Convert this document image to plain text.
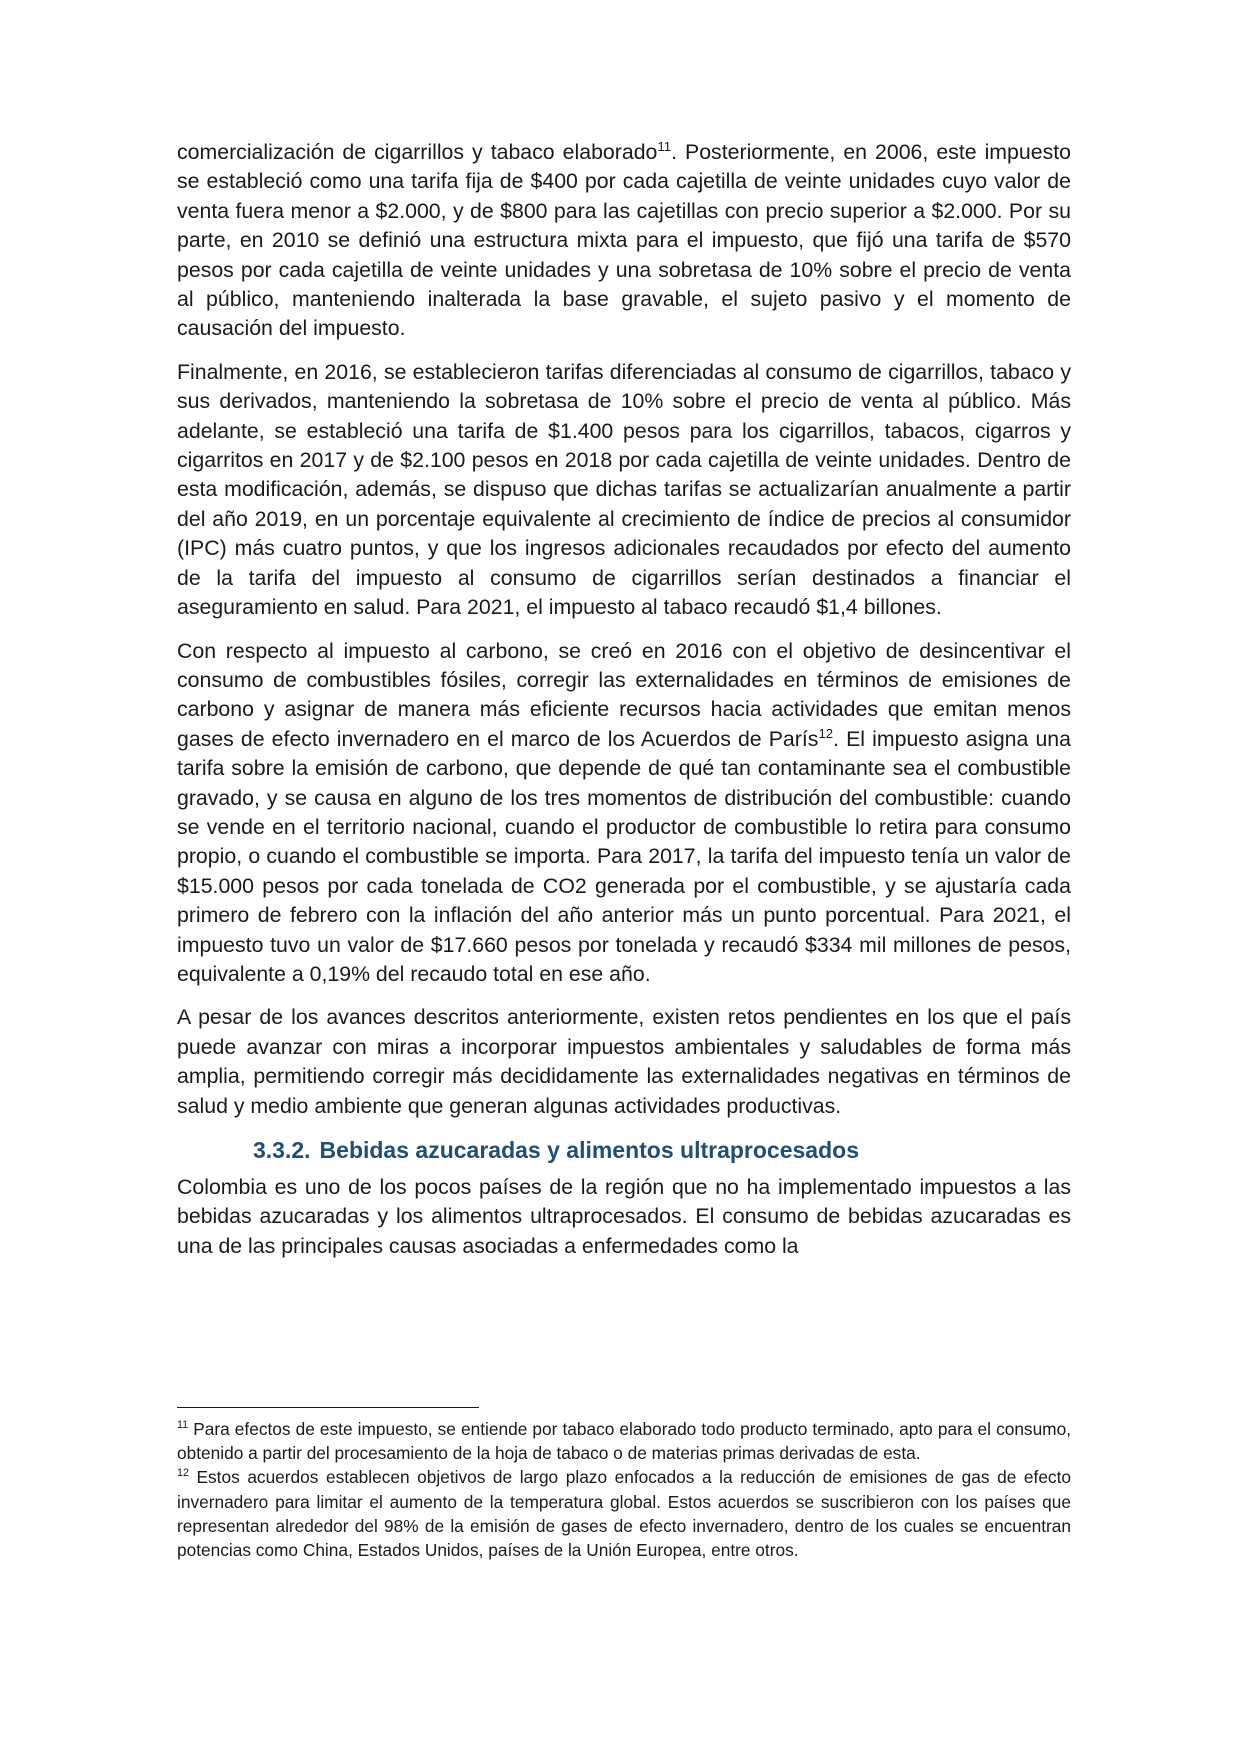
comercialización de cigarrillos y tabaco elaborado$^{11}$. Posteriormente, en 2006, este impuesto se estableció como una tarifa fija de $400 por cada cajetilla de veinte unidades cuyo valor de venta fuera menor a $2.000, y de $800 para las cajetillas con precio superior a $2.000. Por su parte, en 2010 se definió una estructura mixta para el impuesto, que fijó una tarifa de $570 pesos por cada cajetilla de veinte unidades y una sobretasa de 10% sobre el precio de venta al público, manteniendo inalterada la base gravable, el sujeto pasivo y el momento de causación del impuesto.

Finalmente, en 2016, se establecieron tarifas diferenciadas al consumo de cigarrillos, tabaco y sus derivados, manteniendo la sobretasa de 10% sobre el precio de venta al público. Más adelante, se estableció una tarifa de $1.400 pesos para los cigarrillos, tabacos, cigarros y cigarritos en 2017 y de $2.100 pesos en 2018 por cada cajetilla de veinte unidades. Dentro de esta modificación, además, se dispuso que dichas tarifas se actualizarían anualmente a partir del año 2019, en un porcentaje equivalente al crecimiento de índice de precios al consumidor (IPC) más cuatro puntos, y que los ingresos adicionales recaudados por efecto del aumento de la tarifa del impuesto al consumo de cigarrillos serían destinados a financiar el aseguramiento en salud. Para 2021, el impuesto al tabaco recaudó $1,4 billones.

Con respecto al impuesto al carbono, se creó en 2016 con el objetivo de desincentivar el consumo de combustibles fósiles, corregir las externalidades en términos de emisiones de carbono y asignar de manera más eficiente recursos hacia actividades que emitan menos gases de efecto invernadero en el marco de los Acuerdos de París$^{12}$. El impuesto asigna una tarifa sobre la emisión de carbono, que depende de qué tan contaminante sea el combustible gravado, y se causa en alguno de los tres momentos de distribución del combustible: cuando se vende en el territorio nacional, cuando el productor de combustible lo retira para consumo propio, o cuando el combustible se importa. Para 2017, la tarifa del impuesto tenía un valor de $15.000 pesos por cada tonelada de CO2 generada por el combustible, y se ajustaría cada primero de febrero con la inflación del año anterior más un punto porcentual. Para 2021, el impuesto tuvo un valor de $17.660 pesos por tonelada y recaudó $334 mil millones de pesos, equivalente a 0,19% del recaudo total en ese año.

A pesar de los avances descritos anteriormente, existen retos pendientes en los que el país puede avanzar con miras a incorporar impuestos ambientales y saludables de forma más amplia, permitiendo corregir más decididamente las externalidades negativas en términos de salud y medio ambiente que generan algunas actividades productivas.

3.3.2. Bebidas azucaradas y alimentos ultraprocesados

Colombia es uno de los pocos países de la región que no ha implementado impuestos a las bebidas azucaradas y los alimentos ultraprocesados. El consumo de bebidas azucaradas es una de las principales causas asociadas a enfermedades como la

$^{11}$ Para efectos de este impuesto, se entiende por tabaco elaborado todo producto terminado, apto para el consumo, obtenido a partir del procesamiento de la hoja de tabaco o de materias primas derivadas de esta.

$^{12}$ Estos acuerdos establecen objetivos de largo plazo enfocados a la reducción de emisiones de gas de efecto invernadero para limitar el aumento de la temperatura global. Estos acuerdos se suscribieron con los países que representan alrededor del 98% de la emisión de gases de efecto invernadero, dentro de los cuales se encuentran potencias como China, Estados Unidos, países de la Unión Europea, entre otros.
